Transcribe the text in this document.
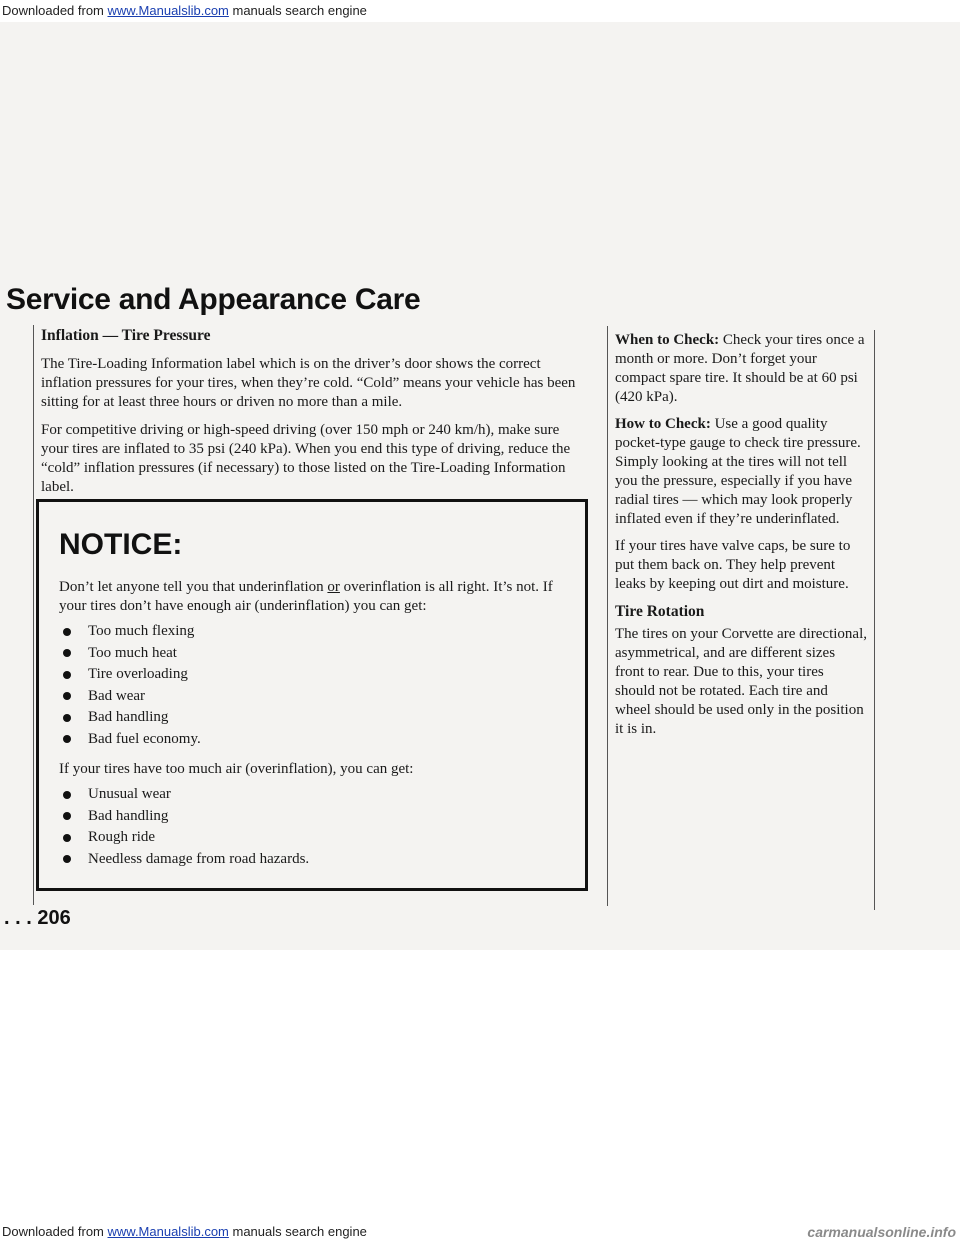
Downloaded from www.Manualslib.com manuals search engine
Service and Appearance Care

Inflation — Tire Pressure

The Tire-Loading Information label which is on the driver’s door shows the correct inflation pressures for your tires, when they’re cold. “Cold” means your vehicle has been sitting for at least three hours or driven no more than a mile.

For competitive driving or high-speed driving (over 150 mph or 240 km/h), make sure your tires are inflated to 35 psi (240 kPa). When you end this type of driving, reduce the “cold” inflation pressures (if necessary) to those listed on the Tire-Loading Information label.

NOTICE:

Don’t let anyone tell you that underinflation or overinflation is all right. It’s not. If your tires don’t have enough air (underinflation) you can get:

Too much flexing
Too much heat
Tire overloading
Bad wear
Bad handling
Bad fuel economy.

If your tires have too much air (overinflation), you can get:

Unusual wear
Bad handling
Rough ride
Needless damage from road hazards.

When to Check: Check your tires once a month or more. Don’t forget your compact spare tire. It should be at 60 psi (420 kPa).

How to Check: Use a good quality pocket-type gauge to check tire pressure. Simply looking at the tires will not tell you the pressure, especially if you have radial tires — which may look properly inflated even if they’re underinflated.

If your tires have valve caps, be sure to put them back on. They help prevent leaks by keeping out dirt and moisture.

Tire Rotation

The tires on your Corvette are directional, asymmetrical, and are different sizes front to rear. Due to this, your tires should not be rotated. Each tire and wheel should be used only in the position it is in.

. . . 206
Downloaded from www.Manualslib.com manuals search engine	carmanualsonline.info
